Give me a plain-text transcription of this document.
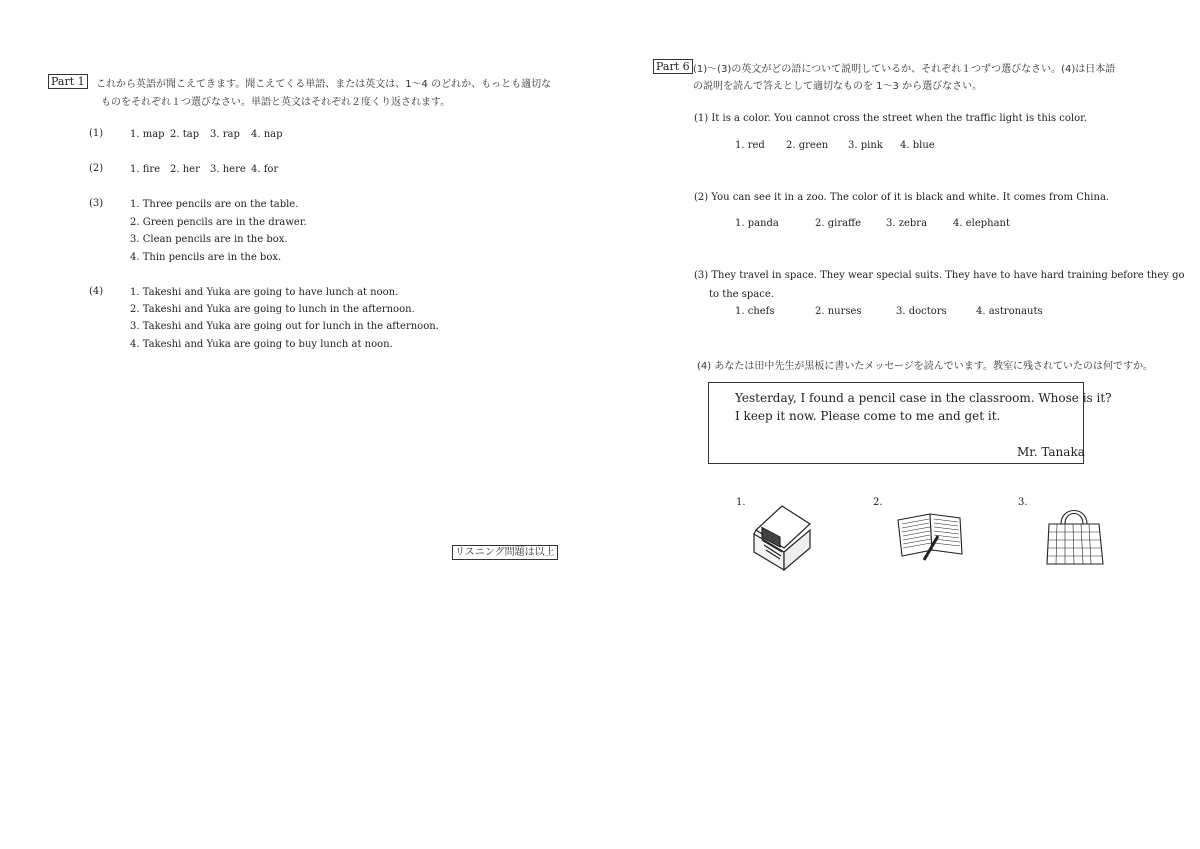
Part 1	これから英語が聞こえてきます。聞こえてくる単語、または英文は、1～4 のどれか、もっとも適切な
ものをそれぞれ１つ選びなさい。単語と英文はそれぞれ２度くり返されます。
(1)	1. map 2. tap 3. rap 4. nap
(2)	1. fire 2. her 3. here 4. for
(3)	1. Three pencils are on the table.
2. Green pencils are in the drawer.
3. Clean pencils are in the box.
4. Thin pencils are in the box.
(4)	1. Takeshi and Yuka are going to have lunch at noon.
2. Takeshi and Yuka are going to lunch in the afternoon.
3. Takeshi and Yuka are going out for lunch in the afternoon.
4. Takeshi and Yuka are going to buy lunch at noon.
リスニング問題は以上
Part 6 (1)～(3)の英文がどの語について説明しているか、それぞれ１つずつ選びなさい。(4)は日本語
の説明を読んで答えとして適切なものを 1～3 から選びなさい。
(1) It is a color. You cannot cross the street when the traffic light is this color.
1. red 2. green 3. pink 4. blue
(2) You can see it in a zoo. The color of it is black and white. It comes from China.
1. panda	2. giraffe 3. zebra	4. elephant
(3) They travel in space. They wear special suits. They have to have hard training before they go
to the space.
1. chefs	2. nurses	3. doctors	4. astronauts
(4) あなたは田中先生が黒板に書いたメッセージを読んでいます。教室に残されていたのは何ですか。
Yesterday, I found a pencil case in the classroom. Whose is it?
I keep it now. Please come to me and get it.
Mr. Tanaka
1.	2.	3.
